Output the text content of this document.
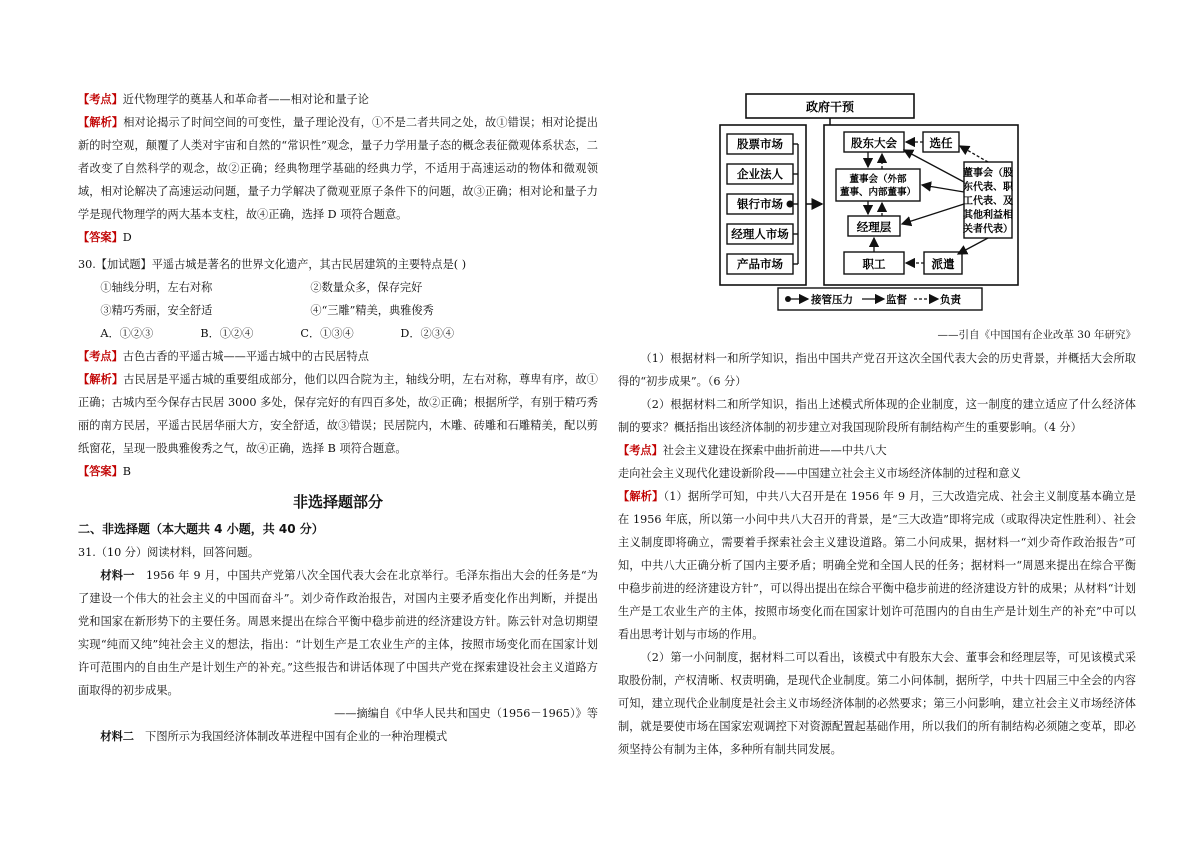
【考点】近代物理学的奠基人和革命者——相对论和量子论

【解析】相对论揭示了时间空间的可变性，量子理论没有，①不是二者共同之处，故①错误；相对论提出新的时空观，颠覆了人类对宇宙和自然的“常识性”观念，量子力学用量子态的概念表征微观体系状态，二者改变了自然科学的观念，故②正确；经典物理学基础的经典力学，不适用于高速运动的物体和微观领域，相对论解决了高速运动问题，量子力学解决了微观亚原子条件下的问题，故③正确；相对论和量子力学是现代物理学的两大基本支柱，故④正确，选择 D 项符合题意。

【答案】D

30.【加试题】平遥古城是著名的世界文化遗产，其古民居建筑的主要特点是( )

①轴线分明，左右对称	②数量众多，保存完好
③精巧秀丽，安全舒适	④“三雕”精美，典雅俊秀
A．①②③	B．①②④	C．①③④	D．②③④

【考点】古色古香的平遥古城——平遥古城中的古民居特点

【解析】古民居是平遥古城的重要组成部分，他们以四合院为主，轴线分明，左右对称，尊卑有序，故①正确；古城内至今保存古民居 3000 多处，保存完好的有四百多处，故②正确；根据所学，有别于精巧秀丽的南方民居，平遥古民居华丽大方，安全舒适，故③错误；民居院内，木雕、砖雕和石雕精美，配以剪纸窗花，呈现一股典雅俊秀之气，故④正确，选择 B 项符合题意。

【答案】B

非选择题部分
二、非选择题（本大题共 4 小题，共 40 分）

31.（10 分）阅读材料，回答问题。

材料一　1956 年 9 月，中国共产党第八次全国代表大会在北京举行。毛泽东指出大会的任务是“为了建设一个伟大的社会主义的中国而奋斗”。刘少奇作政治报告，对国内主要矛盾变化作出判断，并提出党和国家在新形势下的主要任务。周恩来提出在综合平衡中稳步前进的经济建设方针。陈云针对急切期望实现“纯而又纯”纯社会主义的想法，指出：“计划生产是工农业生产的主体，按照市场变化而在国家计划许可范围内的自由生产是计划生产的补充。”这些报告和讲话体现了中国共产党在探索建设社会主义道路方面取得的初步成果。

——摘编自《中华人民共和国史（1956－1965）》等

材料二　下图所示为我国经济体制改革进程中国有企业的一种治理模式

政府干预
股票市场
企业法人
银行市场
经理人市场
产品市场
股东大会	选任
董事会（外部
董事、内部董事）
经理层
职工	派遣
董事会（股
东代表、职
工代表、及
其他利益相
关者代表）
接管压力	监督	负责
——引自《中国国有企业改革 30 年研究》

（1）根据材料一和所学知识，指出中国共产党召开这次全国代表大会的历史背景，并概括大会所取得的“初步成果”。（6 分）

（2）根据材料二和所学知识，指出上述模式所体现的企业制度，这一制度的建立适应了什么经济体制的要求？概括指出该经济体制的初步建立对我国现阶段所有制结构产生的重要影响。（4 分）

【考点】社会主义建设在探索中曲折前进——中共八大

走向社会主义现代化建设新阶段——中国建立社会主义市场经济体制的过程和意义

【解析】（1）据所学可知，中共八大召开是在 1956 年 9 月，三大改造完成、社会主义制度基本确立是在 1956 年底，所以第一小问中共八大召开的背景，是“三大改造”即将完成（或取得决定性胜利）、社会主义制度即将确立，需要着手探索社会主义建设道路。第二小问成果，据材料一“刘少奇作政治报告”可知，中共八大正确分析了国内主要矛盾；明确全党和全国人民的任务；据材料一“周恩来提出在综合平衡中稳步前进的经济建设方针”，可以得出提出在综合平衡中稳步前进的经济建设方针的成果；从材料“计划生产是工农业生产的主体，按照市场变化而在国家计划许可范围内的自由生产是计划生产的补充”中可以看出思考计划与市场的作用。

（2）第一小问制度，据材料二可以看出，该模式中有股东大会、董事会和经理层等，可见该模式采取股份制，产权清晰、权责明确，是现代企业制度。第二小问体制，据所学，中共十四届三中全会的内容可知，建立现代企业制度是社会主义市场经济体制的必然要求；第三小问影响，建立社会主义市场经济体制，就是要使市场在国家宏观调控下对资源配置起基础作用，所以我们的所有制结构必须随之变革，即必须坚持公有制为主体，多种所有制共同发展。
